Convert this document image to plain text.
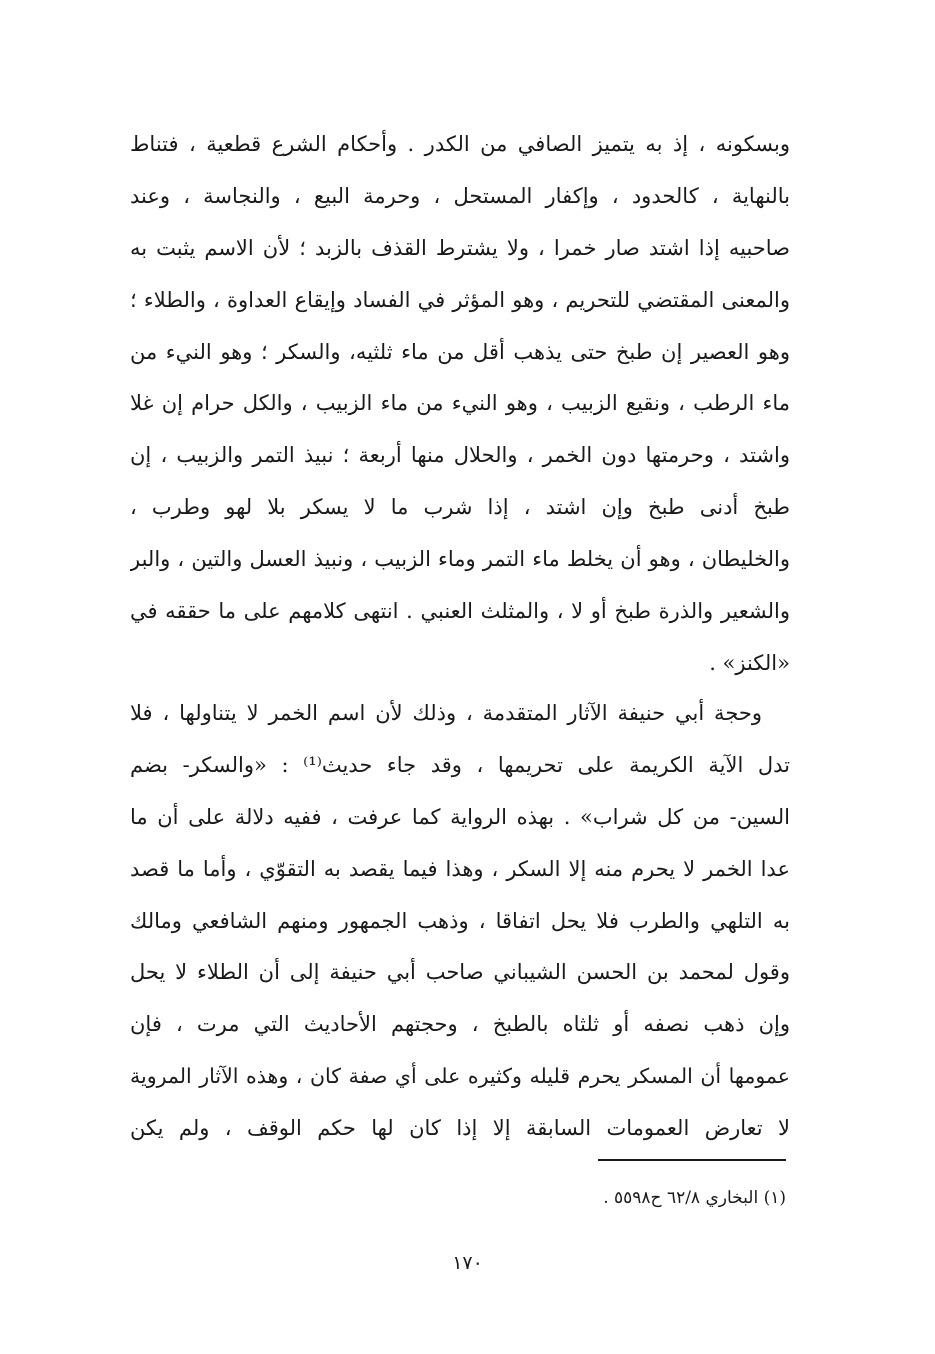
وبسكونه ، إذ به يتميز الصافي من الكدر . وأحكام الشرع قطعية ، فتناط
بالنهاية ، كالحدود ، وإكفار المستحل ، وحرمة البيع ، والنجاسة ، وعند
صاحبيه إذا اشتد صار خمرا ، ولا يشترط القذف بالزبد ؛ لأن الاسم يثبت به
والمعنى المقتضي للتحريم ، وهو المؤثر في الفساد وإيقاع العداوة ، والطلاء ؛
وهو العصير إن طبخ حتى يذهب أقل من ماء ثلثيه، والسكر ؛ وهو النيء من
ماء الرطب ، ونقيع الزبيب ، وهو النيء من ماء الزبيب ، والكل حرام إن غلا
واشتد ، وحرمتها دون الخمر ، والحلال منها أربعة ؛ نبيذ التمر والزبيب ، إن
طبخ أدنى طبخ وإن اشتد ، إذا شرب ما لا يسكر بلا لهو وطرب ،
والخليطان ، وهو أن يخلط ماء التمر وماء الزبيب ، ونبيذ العسل والتين ، والبر
والشعير والذرة طبخ أو لا ، والمثلث العنبي . انتهى كلامهم على ما حققه في
«الكنز» .
وحجة أبي حنيفة الآثار المتقدمة ، وذلك لأن اسم الخمر لا يتناولها ، فلا
تدل الآية الكريمة على تحريمها ، وقد جاء حديث⁽¹⁾ : «والسكر- بضم
السين- من كل شراب» . بهذه الرواية كما عرفت ، ففيه دلالة على أن ما
عدا الخمر لا يحرم منه إلا السكر ، وهذا فيما يقصد به التقوّي ، وأما ما قصد
به التلهي والطرب فلا يحل اتفاقا ، وذهب الجمهور ومنهم الشافعي ومالك
وقول لمحمد بن الحسن الشيباني صاحب أبي حنيفة إلى أن الطلاء لا يحل
وإن ذهب نصفه أو ثلثاه بالطبخ ، وحجتهم الأحاديث التي مرت ، فإن
عمومها أن المسكر يحرم قليله وكثيره على أي صفة كان ، وهذه الآثار المروية
لا تعارض العمومات السابقة إلا إذا كان لها حكم الوقف ، ولم يكن
(١) البخاري ٦٢/٨ ح٥٥٩٨ .
١٧٠
